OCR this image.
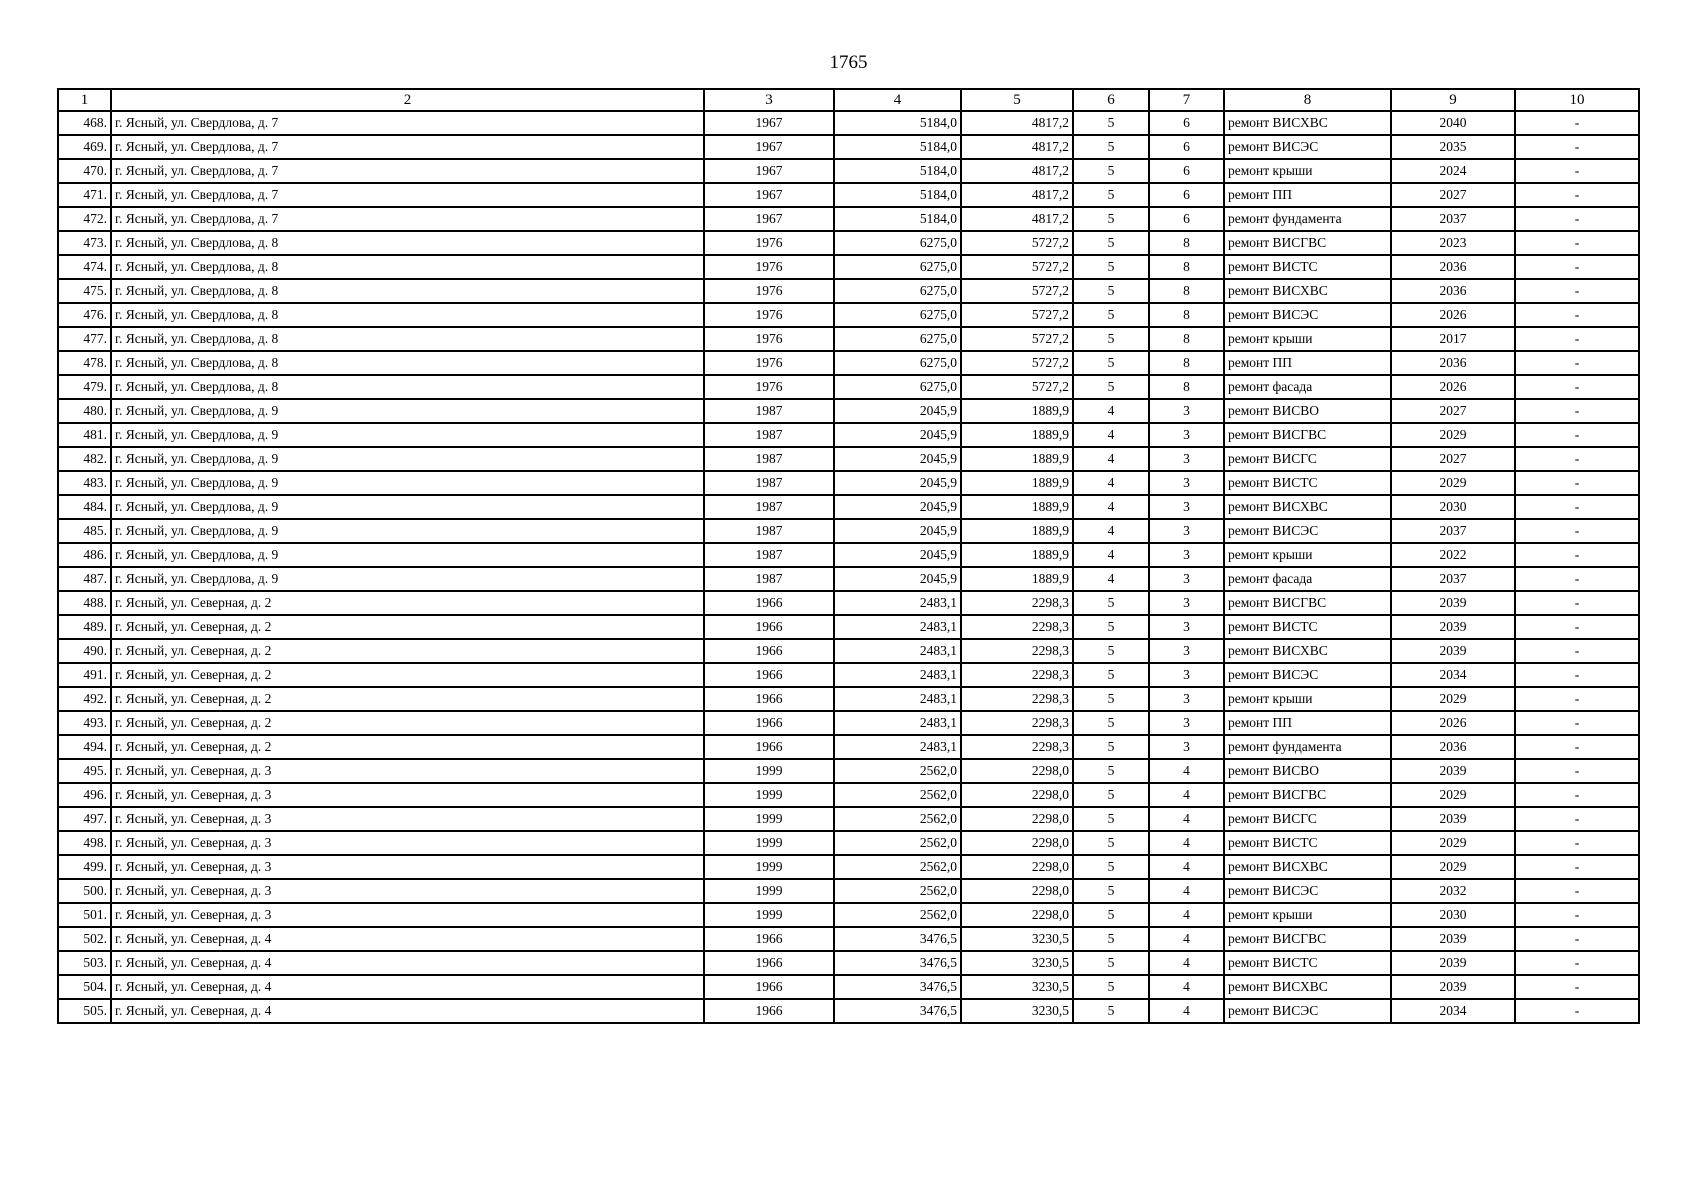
1765
1	2	3	4	5	6	7	8	9	10
468.	г. Ясный, ул. Свердлова, д. 7	1967	5184,0	4817,2	5	6	ремонт ВИСХВС	2040	-
469.	г. Ясный, ул. Свердлова, д. 7	1967	5184,0	4817,2	5	6	ремонт ВИСЭС	2035	-
470.	г. Ясный, ул. Свердлова, д. 7	1967	5184,0	4817,2	5	6	ремонт крыши	2024	-
471.	г. Ясный, ул. Свердлова, д. 7	1967	5184,0	4817,2	5	6	ремонт ПП	2027	-
472.	г. Ясный, ул. Свердлова, д. 7	1967	5184,0	4817,2	5	6	ремонт фундамента	2037	-
473.	г. Ясный, ул. Свердлова, д. 8	1976	6275,0	5727,2	5	8	ремонт ВИСГВС	2023	-
474.	г. Ясный, ул. Свердлова, д. 8	1976	6275,0	5727,2	5	8	ремонт ВИСТС	2036	-
475.	г. Ясный, ул. Свердлова, д. 8	1976	6275,0	5727,2	5	8	ремонт ВИСХВС	2036	-
476.	г. Ясный, ул. Свердлова, д. 8	1976	6275,0	5727,2	5	8	ремонт ВИСЭС	2026	-
477.	г. Ясный, ул. Свердлова, д. 8	1976	6275,0	5727,2	5	8	ремонт крыши	2017	-
478.	г. Ясный, ул. Свердлова, д. 8	1976	6275,0	5727,2	5	8	ремонт ПП	2036	-
479.	г. Ясный, ул. Свердлова, д. 8	1976	6275,0	5727,2	5	8	ремонт фасада	2026	-
480.	г. Ясный, ул. Свердлова, д. 9	1987	2045,9	1889,9	4	3	ремонт ВИСВО	2027	-
481.	г. Ясный, ул. Свердлова, д. 9	1987	2045,9	1889,9	4	3	ремонт ВИСГВС	2029	-
482.	г. Ясный, ул. Свердлова, д. 9	1987	2045,9	1889,9	4	3	ремонт ВИСГС	2027	-
483.	г. Ясный, ул. Свердлова, д. 9	1987	2045,9	1889,9	4	3	ремонт ВИСТС	2029	-
484.	г. Ясный, ул. Свердлова, д. 9	1987	2045,9	1889,9	4	3	ремонт ВИСХВС	2030	-
485.	г. Ясный, ул. Свердлова, д. 9	1987	2045,9	1889,9	4	3	ремонт ВИСЭС	2037	-
486.	г. Ясный, ул. Свердлова, д. 9	1987	2045,9	1889,9	4	3	ремонт крыши	2022	-
487.	г. Ясный, ул. Свердлова, д. 9	1987	2045,9	1889,9	4	3	ремонт фасада	2037	-
488.	г. Ясный, ул. Северная, д. 2	1966	2483,1	2298,3	5	3	ремонт ВИСГВС	2039	-
489.	г. Ясный, ул. Северная, д. 2	1966	2483,1	2298,3	5	3	ремонт ВИСТС	2039	-
490.	г. Ясный, ул. Северная, д. 2	1966	2483,1	2298,3	5	3	ремонт ВИСХВС	2039	-
491.	г. Ясный, ул. Северная, д. 2	1966	2483,1	2298,3	5	3	ремонт ВИСЭС	2034	-
492.	г. Ясный, ул. Северная, д. 2	1966	2483,1	2298,3	5	3	ремонт крыши	2029	-
493.	г. Ясный, ул. Северная, д. 2	1966	2483,1	2298,3	5	3	ремонт ПП	2026	-
494.	г. Ясный, ул. Северная, д. 2	1966	2483,1	2298,3	5	3	ремонт фундамента	2036	-
495.	г. Ясный, ул. Северная, д. 3	1999	2562,0	2298,0	5	4	ремонт ВИСВО	2039	-
496.	г. Ясный, ул. Северная, д. 3	1999	2562,0	2298,0	5	4	ремонт ВИСГВС	2029	-
497.	г. Ясный, ул. Северная, д. 3	1999	2562,0	2298,0	5	4	ремонт ВИСГС	2039	-
498.	г. Ясный, ул. Северная, д. 3	1999	2562,0	2298,0	5	4	ремонт ВИСТС	2029	-
499.	г. Ясный, ул. Северная, д. 3	1999	2562,0	2298,0	5	4	ремонт ВИСХВС	2029	-
500.	г. Ясный, ул. Северная, д. 3	1999	2562,0	2298,0	5	4	ремонт ВИСЭС	2032	-
501.	г. Ясный, ул. Северная, д. 3	1999	2562,0	2298,0	5	4	ремонт крыши	2030	-
502.	г. Ясный, ул. Северная, д. 4	1966	3476,5	3230,5	5	4	ремонт ВИСГВС	2039	-
503.	г. Ясный, ул. Северная, д. 4	1966	3476,5	3230,5	5	4	ремонт ВИСТС	2039	-
504.	г. Ясный, ул. Северная, д. 4	1966	3476,5	3230,5	5	4	ремонт ВИСХВС	2039	-
505.	г. Ясный, ул. Северная, д. 4	1966	3476,5	3230,5	5	4	ремонт ВИСЭС	2034	-
